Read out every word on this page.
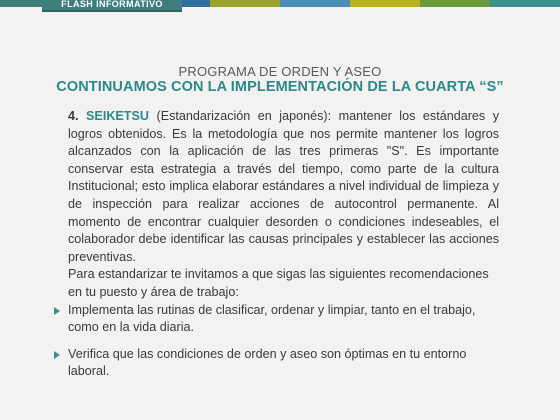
FLASH INFORMATIVO
PROGRAMA DE ORDEN Y ASEO
CONTINUAMOS CON LA IMPLEMENTACIÓN DE LA CUARTA “S”

4. SEIKETSU (Estandarización en japonés): mantener los estándares y logros obtenidos. Es la metodología que nos permite mantener los logros alcanzados con la aplicación de las tres primeras "S". Es importante conservar esta estrategia a través del tiempo, como parte de la cultura Institucional; esto implica elaborar estándares a nivel individual de limpieza y de inspección para realizar acciones de autocontrol permanente. Al momento de encontrar cualquier desorden o condiciones indeseables, el colaborador debe identificar las causas principales y establecer las acciones preventivas.

Para estandarizar te invitamos a que sigas las siguientes recomendaciones en tu puesto y área de trabajo:

Implementa las rutinas de clasificar, ordenar y limpiar, tanto en el trabajo, como en la vida diaria.
Verifica que las condiciones de orden y aseo son óptimas en tu entorno laboral.
